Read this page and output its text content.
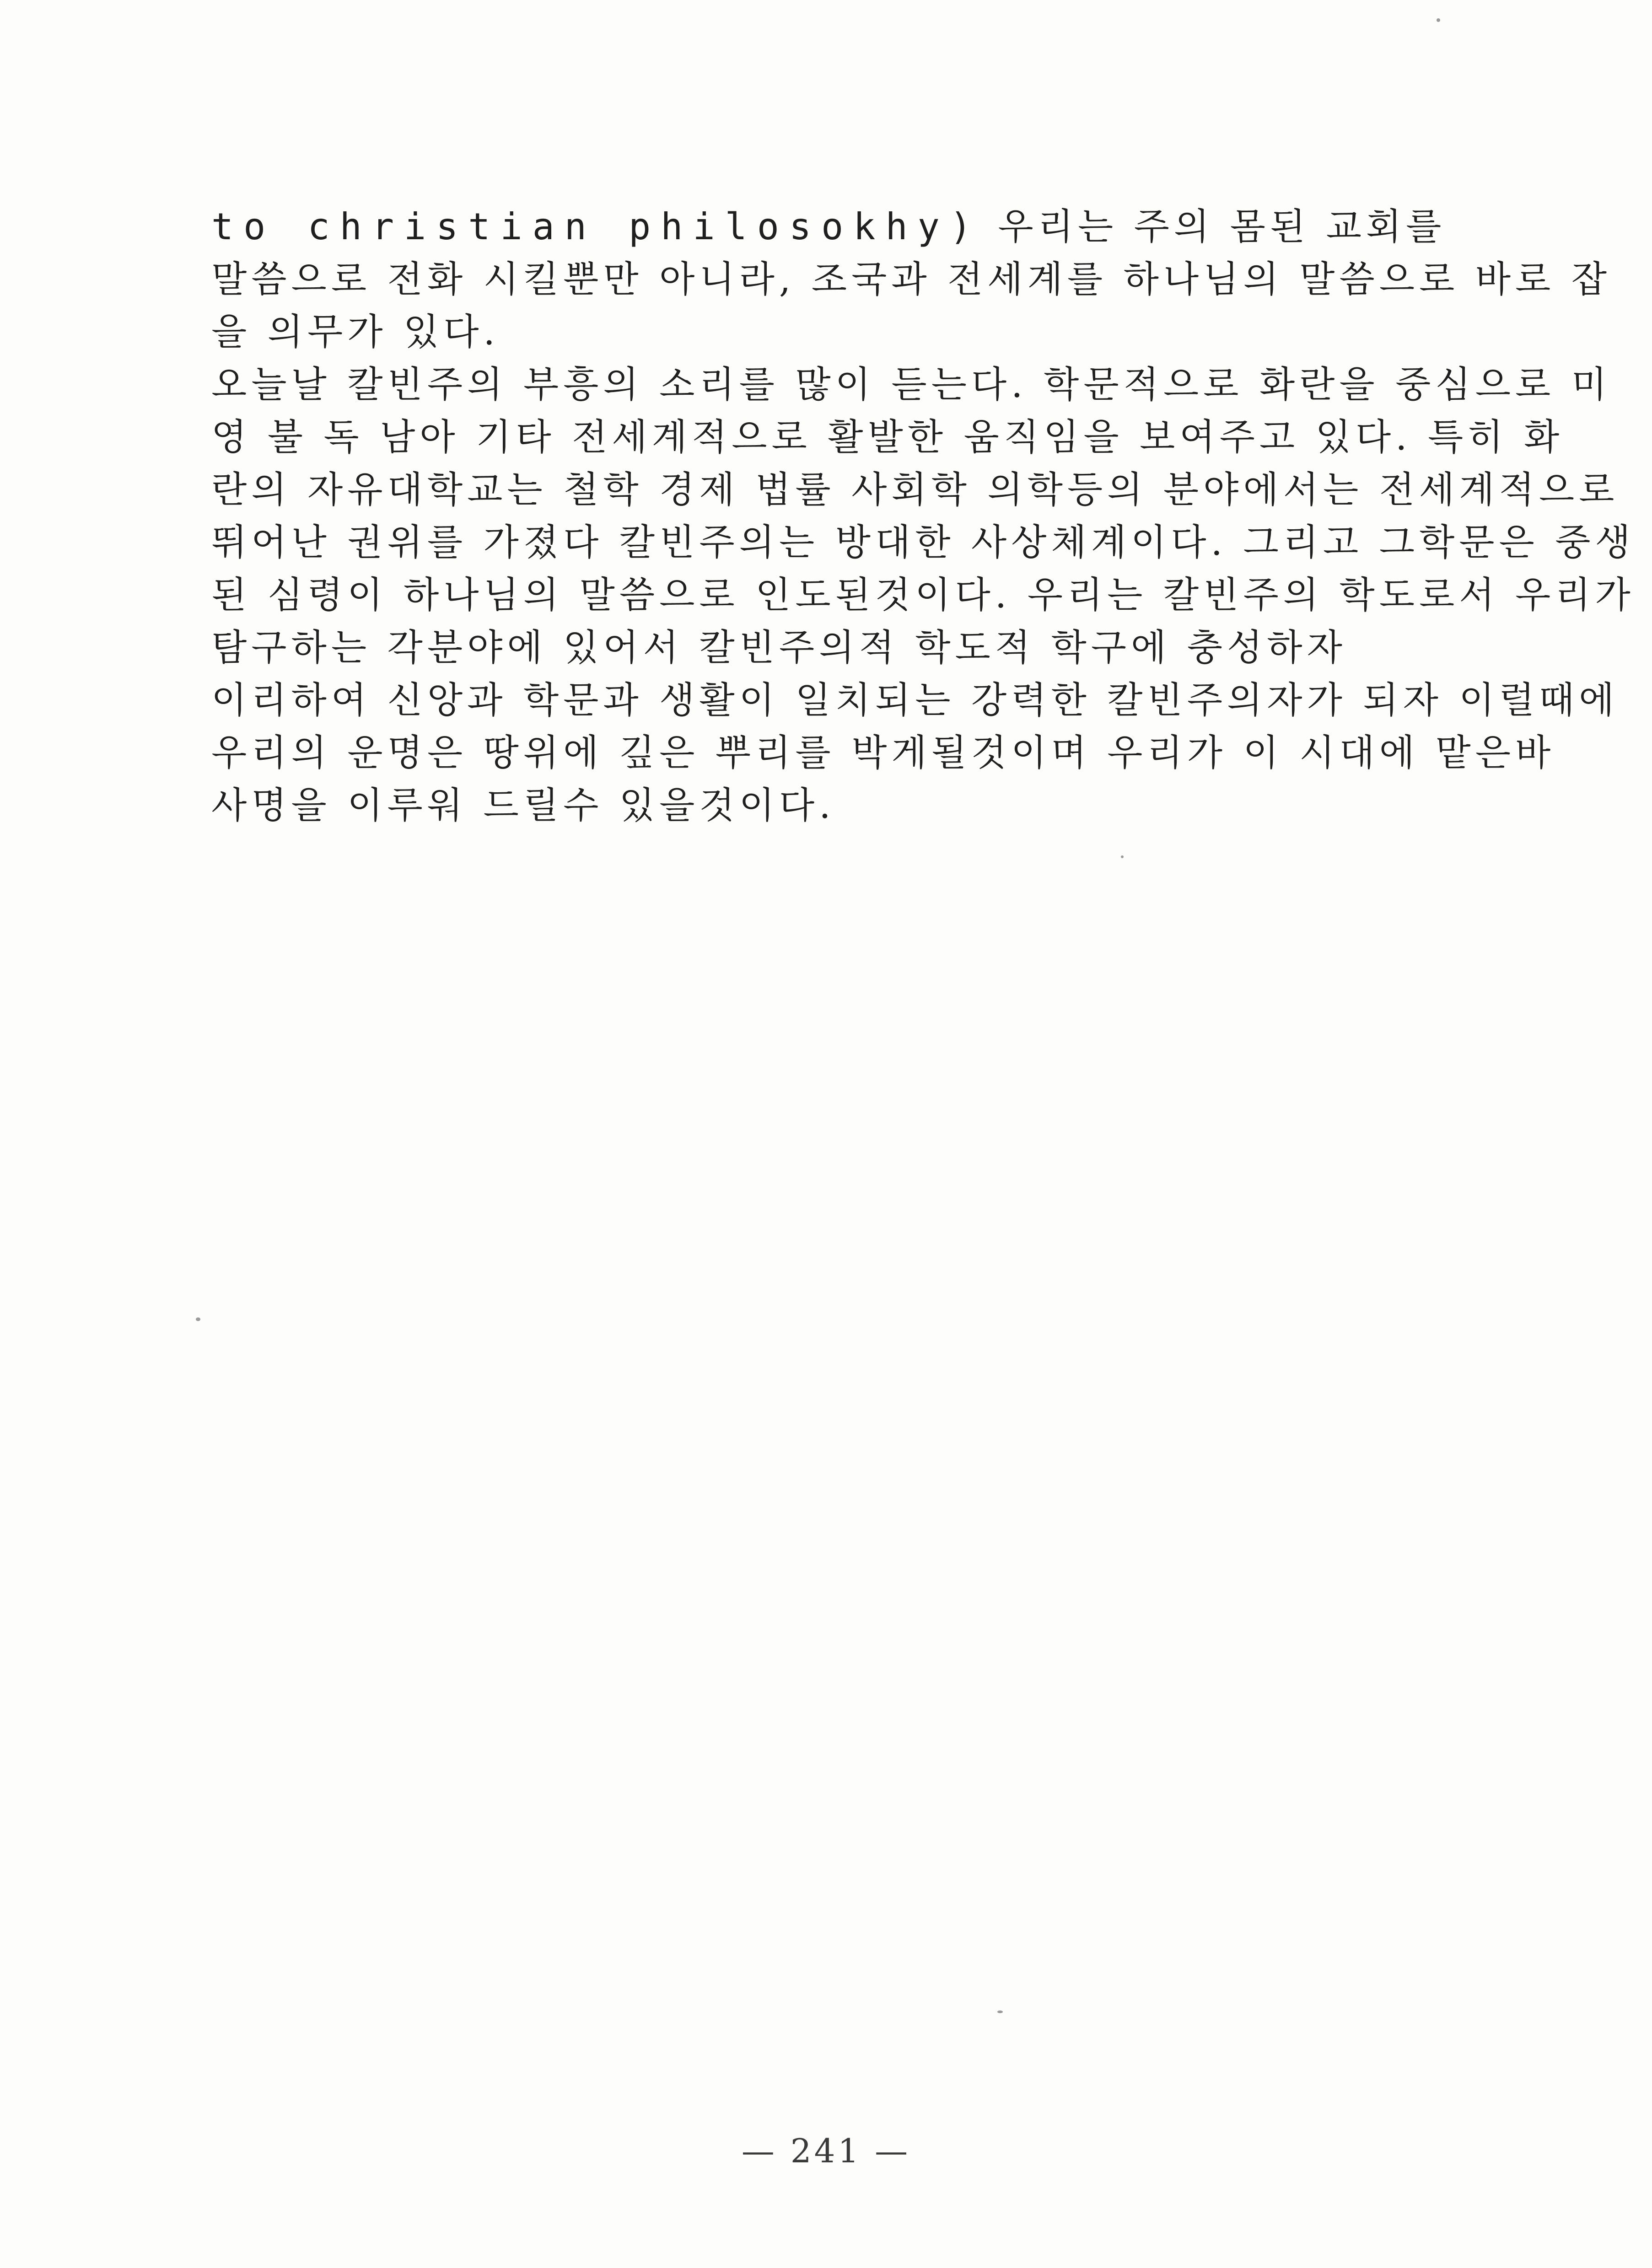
to christian philosokhy) 우리는 주의 몸된 교회를
말씀으로 전화 시킬뿐만 아니라, 조국과 전세계를 하나님의 말씀으로 바로 잡
을 의무가 있다.
오늘날 칼빈주의 부흥의 소리를 많이 듣는다. 학문적으로 화란을 중심으로 미
영 불 독 남아 기타 전세계적으로 활발한 움직임을 보여주고 있다. 특히 화
란의 자유대학교는 철학 경제 법률 사회학 의학등의 분야에서는 전세계적으로
뛰어난 권위를 가졌다 칼빈주의는 방대한 사상체계이다. 그리고 그학문은 중생
된 심령이 하나님의 말씀으로 인도된것이다. 우리는 칼빈주의 학도로서 우리가
탐구하는 각분야에 있어서 칼빈주의적 학도적 학구에 충성하자
이리하여 신앙과 학문과 생활이 일치되는 강력한 칼빈주의자가 되자 이럴때에
우리의 운명은 땅위에 깊은 뿌리를 박게될것이며 우리가 이 시대에 맡은바
사명을 이루워 드릴수 있을것이다.
— 241 —
